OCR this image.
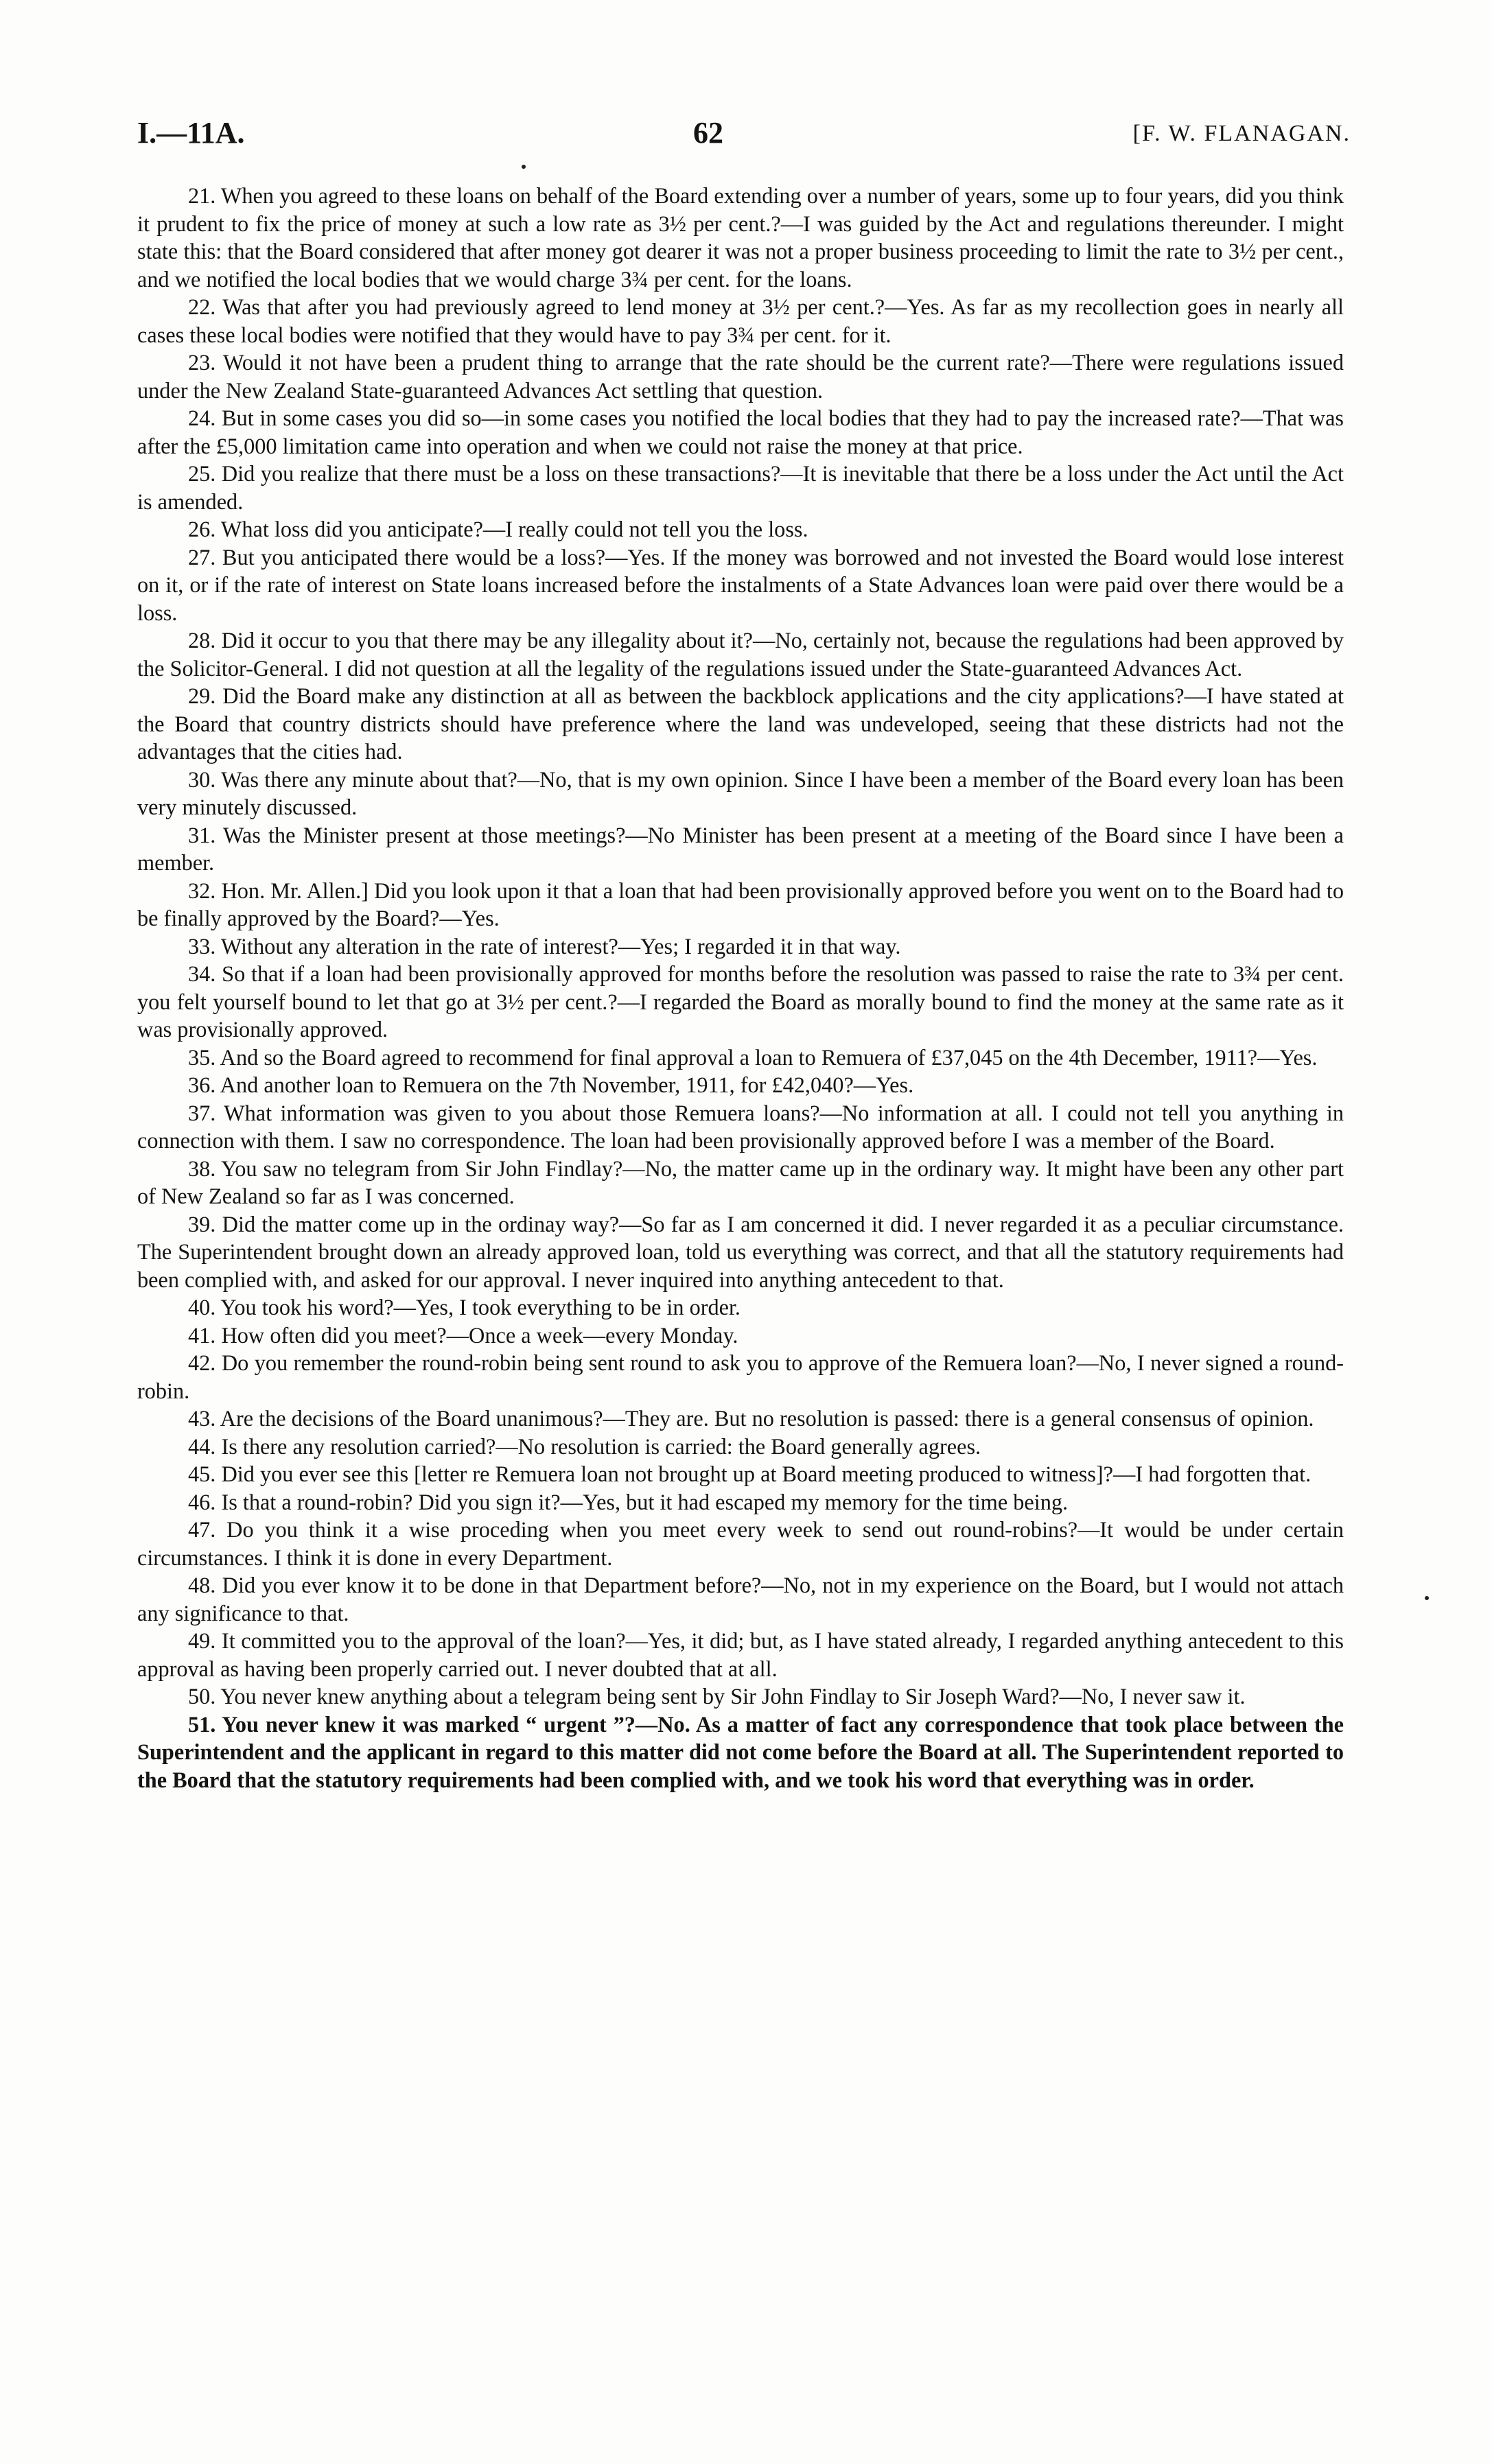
I.—11A.	62	[F. W. FLANAGAN.

21. When you agreed to these loans on behalf of the Board extending over a number of years, some up to four years, did you think it prudent to fix the price of money at such a low rate as 3½ per cent.?—I was guided by the Act and regulations thereunder. I might state this: that the Board considered that after money got dearer it was not a proper business proceeding to limit the rate to 3½ per cent., and we notified the local bodies that we would charge 3¾ per cent. for the loans.

22. Was that after you had previously agreed to lend money at 3½ per cent.?—Yes. As far as my recollection goes in nearly all cases these local bodies were notified that they would have to pay 3¾ per cent. for it.

23. Would it not have been a prudent thing to arrange that the rate should be the current rate?—There were regulations issued under the New Zealand State-guaranteed Advances Act settling that question.

24. But in some cases you did so—in some cases you notified the local bodies that they had to pay the increased rate?—That was after the £5,000 limitation came into operation and when we could not raise the money at that price.

25. Did you realize that there must be a loss on these transactions?—It is inevitable that there be a loss under the Act until the Act is amended.

26. What loss did you anticipate?—I really could not tell you the loss.

27. But you anticipated there would be a loss?—Yes. If the money was borrowed and not invested the Board would lose interest on it, or if the rate of interest on State loans increased before the instalments of a State Advances loan were paid over there would be a loss.

28. Did it occur to you that there may be any illegality about it?—No, certainly not, because the regulations had been approved by the Solicitor-General. I did not question at all the legality of the regulations issued under the State-guaranteed Advances Act.

29. Did the Board make any distinction at all as between the backblock applications and the city applications?—I have stated at the Board that country districts should have preference where the land was undeveloped, seeing that these districts had not the advantages that the cities had.

30. Was there any minute about that?—No, that is my own opinion. Since I have been a member of the Board every loan has been very minutely discussed.

31. Was the Minister present at those meetings?—No Minister has been present at a meeting of the Board since I have been a member.

32. Hon. Mr. Allen.] Did you look upon it that a loan that had been provisionally approved before you went on to the Board had to be finally approved by the Board?—Yes.

33. Without any alteration in the rate of interest?—Yes; I regarded it in that way.

34. So that if a loan had been provisionally approved for months before the resolution was passed to raise the rate to 3¾ per cent. you felt yourself bound to let that go at 3½ per cent.?—I regarded the Board as morally bound to find the money at the same rate as it was provisionally approved.

35. And so the Board agreed to recommend for final approval a loan to Remuera of £37,045 on the 4th December, 1911?—Yes.

36. And another loan to Remuera on the 7th November, 1911, for £42,040?—Yes.

37. What information was given to you about those Remuera loans?—No information at all. I could not tell you anything in connection with them. I saw no correspondence. The loan had been provisionally approved before I was a member of the Board.

38. You saw no telegram from Sir John Findlay?—No, the matter came up in the ordinary way. It might have been any other part of New Zealand so far as I was concerned.

39. Did the matter come up in the ordinay way?—So far as I am concerned it did. I never regarded it as a peculiar circumstance. The Superintendent brought down an already approved loan, told us everything was correct, and that all the statutory requirements had been complied with, and asked for our approval. I never inquired into anything antecedent to that.

40. You took his word?—Yes, I took everything to be in order.

41. How often did you meet?—Once a week—every Monday.

42. Do you remember the round-robin being sent round to ask you to approve of the Remuera loan?—No, I never signed a round-robin.

43. Are the decisions of the Board unanimous?—They are. But no resolution is passed: there is a general consensus of opinion.

44. Is there any resolution carried?—No resolution is carried: the Board generally agrees.

45. Did you ever see this [letter re Remuera loan not brought up at Board meeting produced to witness]?—I had forgotten that.

46. Is that a round-robin? Did you sign it?—Yes, but it had escaped my memory for the time being.

47. Do you think it a wise proceding when you meet every week to send out round-robins?—It would be under certain circumstances. I think it is done in every Department.

48. Did you ever know it to be done in that Department before?—No, not in my experience on the Board, but I would not attach any significance to that.

49. It committed you to the approval of the loan?—Yes, it did; but, as I have stated already, I regarded anything antecedent to this approval as having been properly carried out. I never doubted that at all.

50. You never knew anything about a telegram being sent by Sir John Findlay to Sir Joseph Ward?—No, I never saw it.

51. You never knew it was marked “ urgent ”?—No. As a matter of fact any correspondence that took place between the Superintendent and the applicant in regard to this matter did not come before the Board at all. The Superintendent reported to the Board that the statutory requirements had been complied with, and we took his word that everything was in order.
